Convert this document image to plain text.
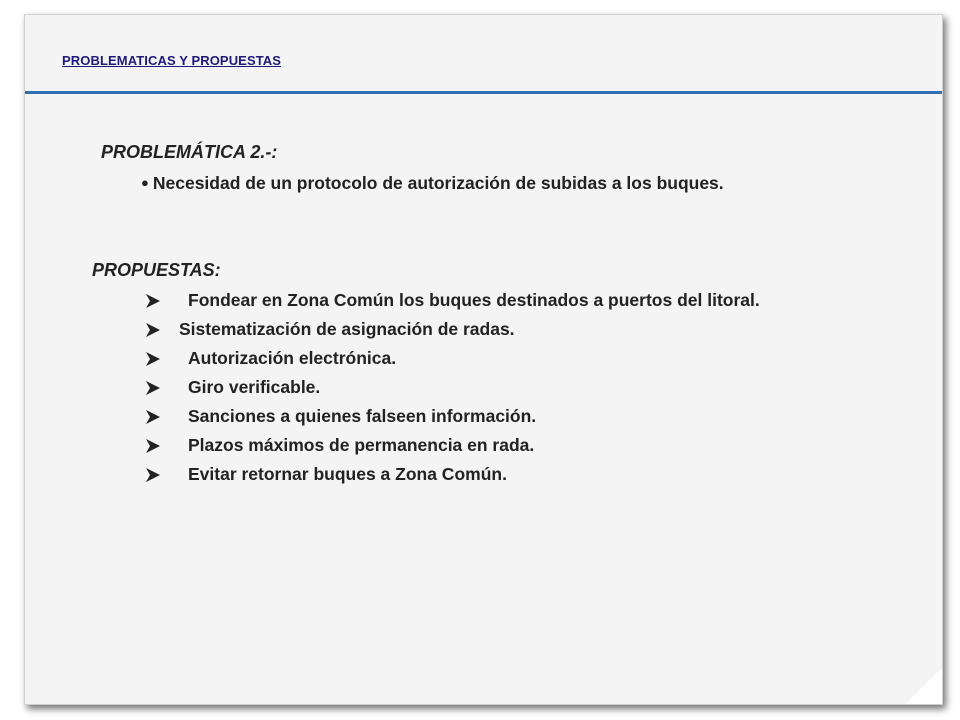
PROBLEMATICAS Y PROPUESTAS
PROBLEMÁTICA 2.-:
● Necesidad de un protocolo de autorización de subidas a los buques.
PROPUESTAS:
Fondear en Zona Común los buques destinados a puertos del litoral.
Sistematización de asignación de radas.
Autorización electrónica.
Giro verificable.
Sanciones a quienes falseen información.
Plazos máximos de permanencia en rada.
Evitar retornar buques a Zona Común.
